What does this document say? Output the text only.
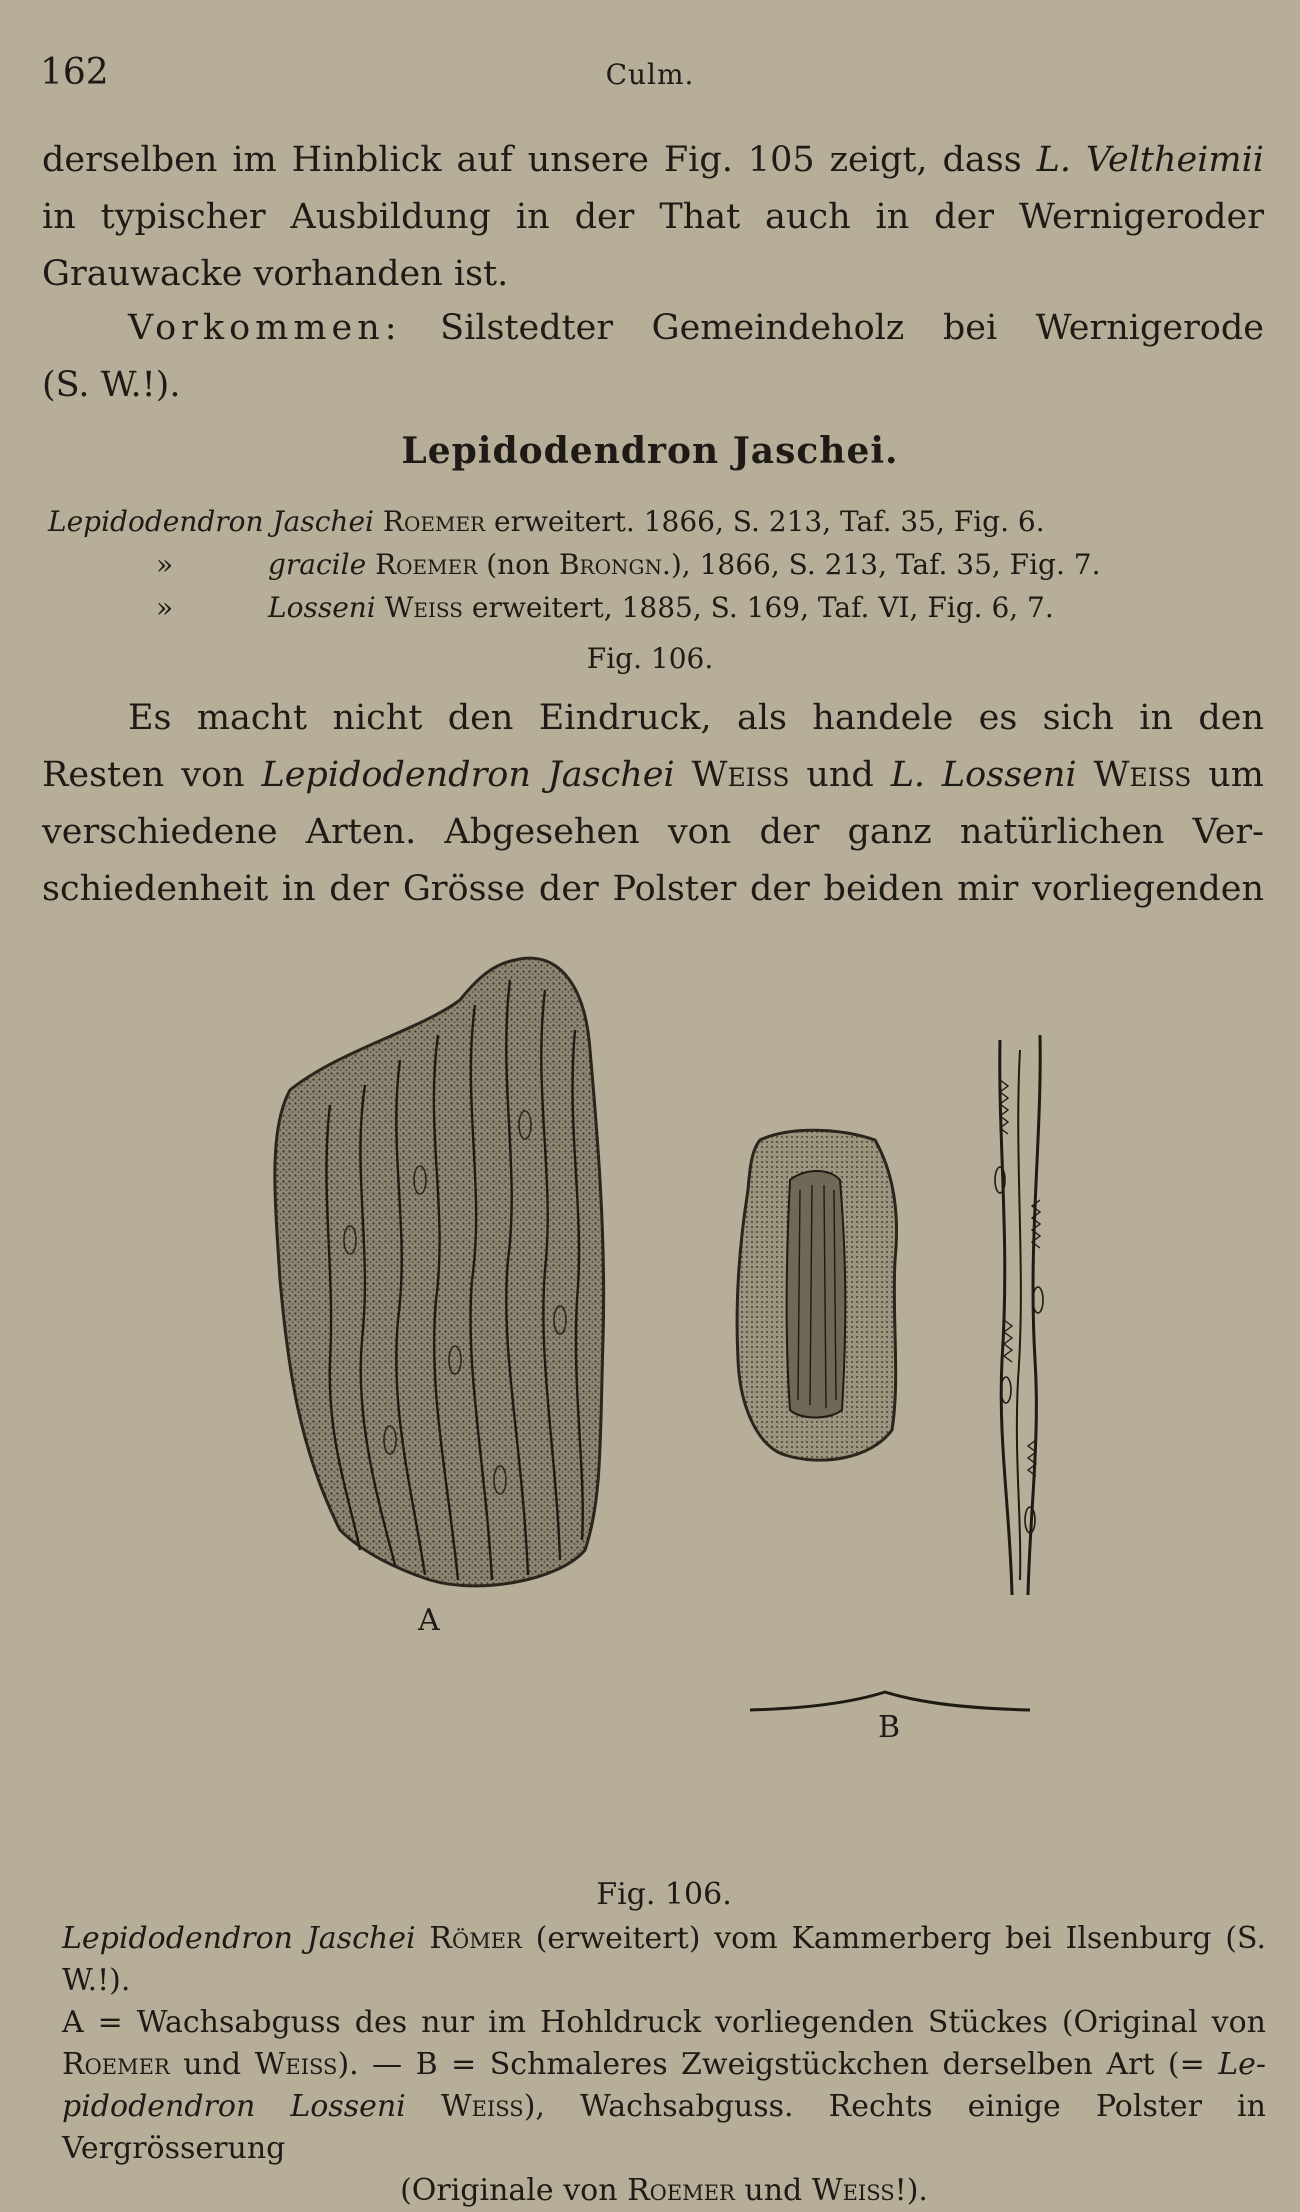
162	Culm.
derselben im Hinblick auf unsere Fig. 105 zeigt, dass L. Veltheimii
in typischer Ausbildung in der That auch in der Wernigeroder
Grauwacke vorhanden ist.
Vorkommen: Silstedter Gemeindeholz bei Wernigerode
(S. W.!).
Lepidodendron Jaschei.
Lepidodendron Jaschei Roemer erweitert. 1866, S. 213, Taf. 35, Fig. 6.
»	gracile Roemer (non Brongn.), 1866, S. 213, Taf. 35, Fig. 7.
»	Losseni Weiss erweitert, 1885, S. 169, Taf. VI, Fig. 6, 7.
Fig. 106.
Es macht nicht den Eindruck, als handele es sich in den
Resten von Lepidodendron Jaschei Weiss und L. Losseni Weiss um
verschiedene Arten. Abgesehen von der ganz natürlichen Ver-
schiedenheit in der Grösse der Polster der beiden mir vorliegenden
A
B
Fig. 106.

Lepidodendron Jaschei Römer (erweitert) vom Kammerberg bei Ilsenburg (S. W.!).

A = Wachsabguss des nur im Hohldruck vorliegenden Stückes (Original von

Roemer und Weiss). — B = Schmaleres Zweigstückchen derselben Art (= Le-

pidodendron Losseni Weiss), Wachsabguss. Rechts einige Polster in Vergrösserung

(Originale von Roemer und Weiss!).
